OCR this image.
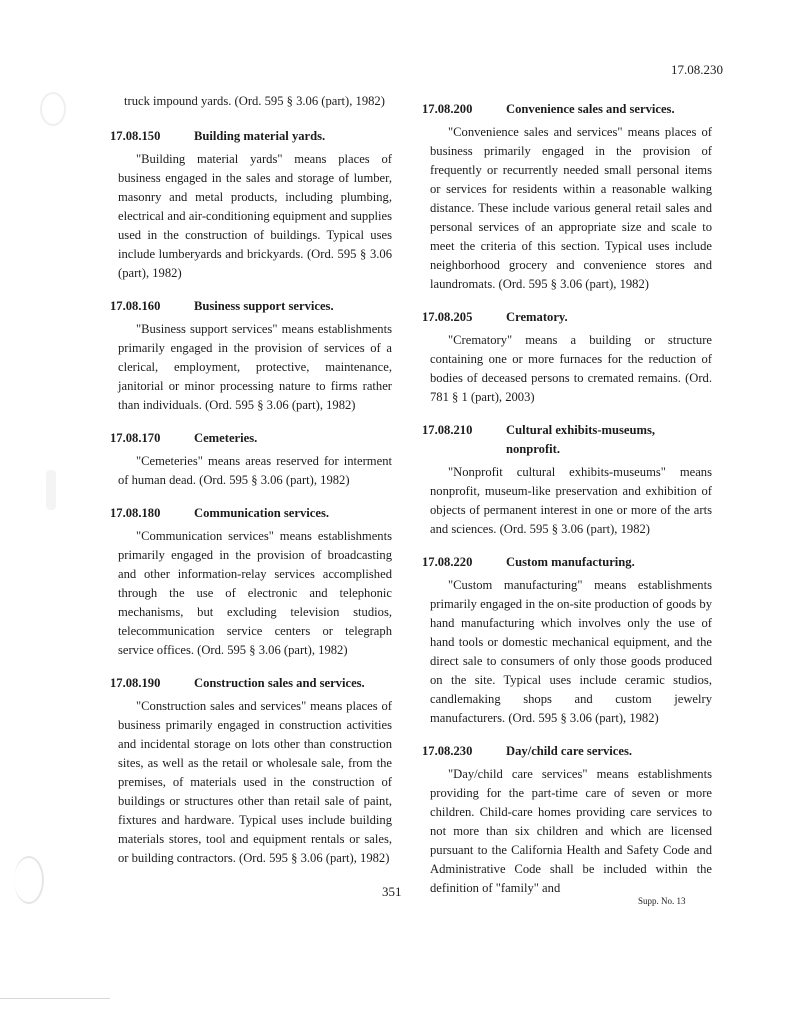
17.08.230

truck impound yards. (Ord. 595 § 3.06 (part), 1982)

17.08.150	Building material yards.

"Building material yards" means places of business engaged in the sales and storage of lumber, masonry and metal products, including plumbing, electrical and air-conditioning equipment and supplies used in the construction of buildings. Typical uses include lumberyards and brickyards. (Ord. 595 § 3.06 (part), 1982)

17.08.160	Business support services.

"Business support services" means establishments primarily engaged in the provision of services of a clerical, employment, protective, maintenance, janitorial or minor processing nature to firms rather than individuals. (Ord. 595 § 3.06 (part), 1982)

17.08.170	Cemeteries.

"Cemeteries" means areas reserved for interment of human dead. (Ord. 595 § 3.06 (part), 1982)

17.08.180	Communication services.

"Communication services" means establishments primarily engaged in the provision of broadcasting and other information-relay services accomplished through the use of electronic and telephonic mechanisms, but excluding television studios, telecommunication service centers or telegraph service offices. (Ord. 595 § 3.06 (part), 1982)

17.08.190	Construction sales and services.

"Construction sales and services" means places of business primarily engaged in construction activities and incidental storage on lots other than construction sites, as well as the retail or wholesale sale, from the premises, of materials used in the construction of buildings or structures other than retail sale of paint, fixtures and hardware. Typical uses include building materials stores, tool and equipment rentals or sales, or building contractors. (Ord. 595 § 3.06 (part), 1982)

17.08.200	Convenience sales and services.

"Convenience sales and services" means places of business primarily engaged in the provision of frequently or recurrently needed small personal items or services for residents within a reasonable walking distance. These include various general retail sales and personal services of an appropriate size and scale to meet the criteria of this section. Typical uses include neighborhood grocery and convenience stores and laundromats. (Ord. 595 § 3.06 (part), 1982)

17.08.205	Crematory.

"Crematory" means a building or structure containing one or more furnaces for the reduction of bodies of deceased persons to cremated remains. (Ord. 781 § 1 (part), 2003)

17.08.210	Cultural exhibits-museums, nonprofit.

"Nonprofit cultural exhibits-museums" means nonprofit, museum-like preservation and exhibition of objects of permanent interest in one or more of the arts and sciences. (Ord. 595 § 3.06 (part), 1982)

17.08.220	Custom manufacturing.

"Custom manufacturing" means establishments primarily engaged in the on-site production of goods by hand manufacturing which involves only the use of hand tools or domestic mechanical equipment, and the direct sale to consumers of only those goods produced on the site. Typical uses include ceramic studios, candlemaking shops and custom jewelry manufacturers. (Ord. 595 § 3.06 (part), 1982)

17.08.230	Day/child care services.

"Day/child care services" means establishments providing for the part-time care of seven or more children. Child-care homes providing care services to not more than six children and which are licensed pursuant to the California Health and Safety Code and Administrative Code shall be included within the definition of "family" and

351
Supp. No. 13
